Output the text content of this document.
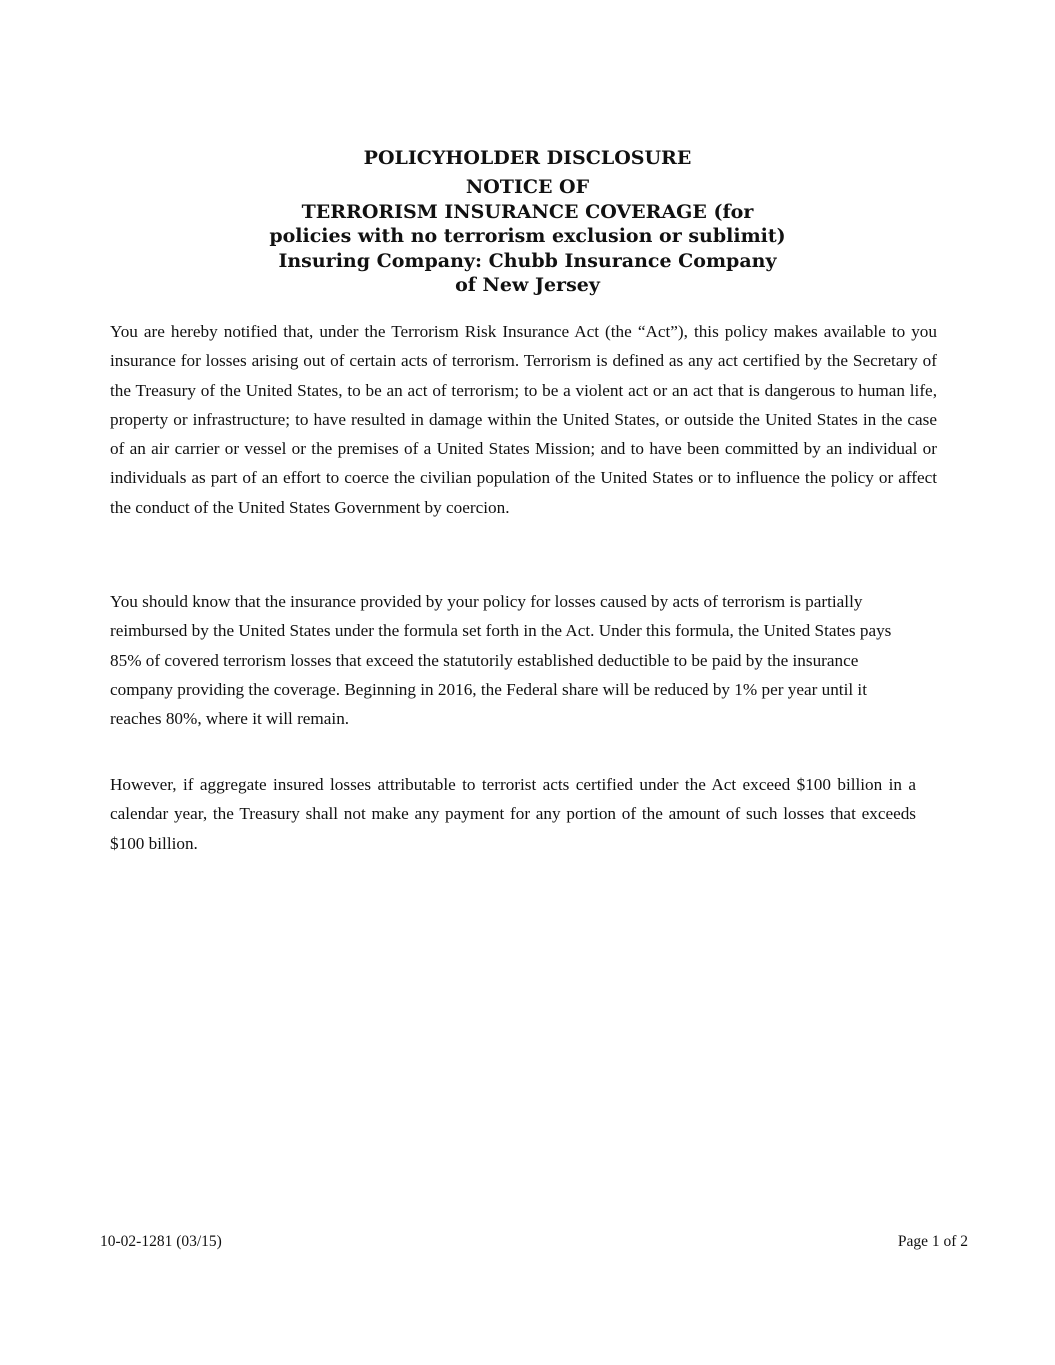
POLICYHOLDER DISCLOSURE
NOTICE OF
TERRORISM INSURANCE COVERAGE (for
policies with no terrorism exclusion or sublimit)
Insuring Company: Chubb Insurance Company
of New Jersey

You are hereby notified that, under the Terrorism Risk Insurance Act (the “Act”), this policy makes available to you insurance for losses arising out of certain acts of terrorism. Terrorism is defined as any act certified by the Secretary of the Treasury of the United States, to be an act of terrorism; to be a violent act or an act that is dangerous to human life, property or infrastructure; to have resulted in damage within the United States, or outside the United States in the case of an air carrier or vessel or the premises of a United States Mission; and to have been committed by an individual or individuals as part of an effort to coerce the civilian population of the United States or to influence the policy or affect the conduct of the United States Government by coercion.

You should know that the insurance provided by your policy for losses caused by acts of terrorism is partially reimbursed by the United States under the formula set forth in the Act. Under this formula, the United States pays 85% of covered terrorism losses that exceed the statutorily established deductible to be paid by the insurance company providing the coverage. Beginning in 2016, the Federal share will be reduced by 1% per year until it reaches 80%, where it will remain.

However, if aggregate insured losses attributable to terrorist acts certified under the Act exceed $100 billion in a calendar year, the Treasury shall not make any payment for any portion of the amount of such losses that exceeds $100 billion.

10-02-1281 (03/15)	Page 1 of 2
